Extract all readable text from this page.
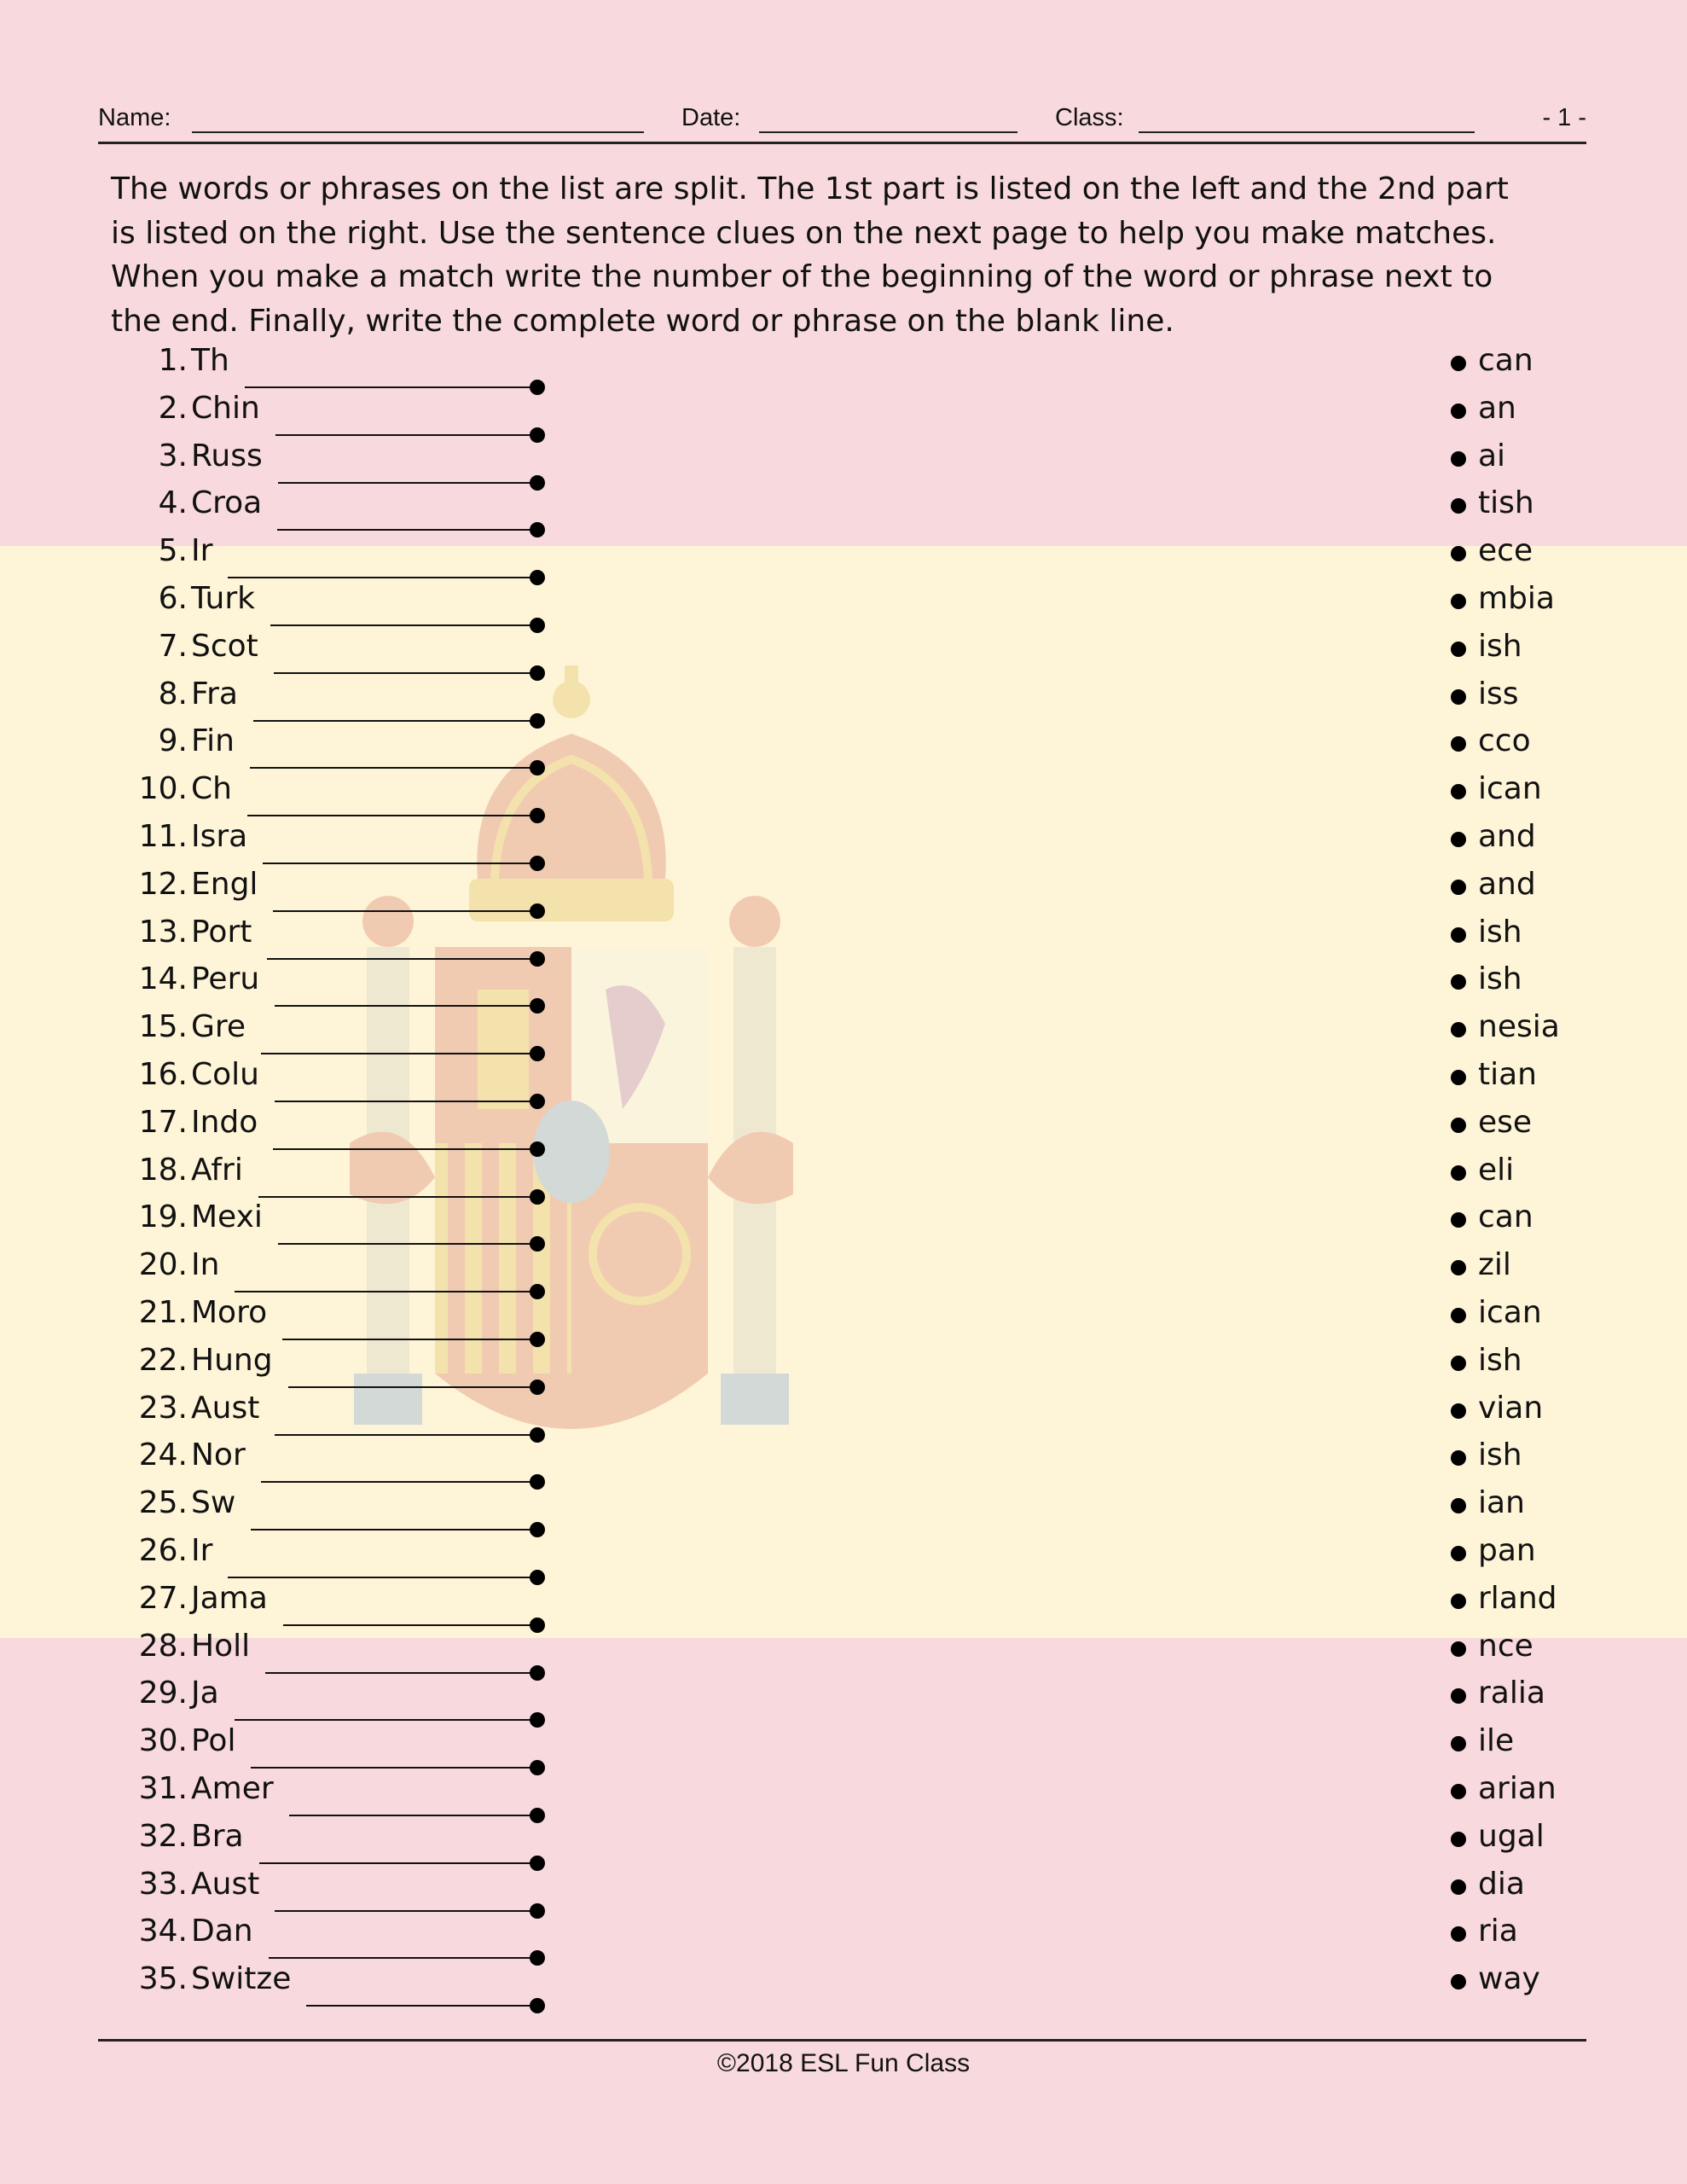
Name:	Date:	Class:	- 1 -
The words or phrases on the list are split. The 1st part is listed on the left and the 2nd part is listed on the right. Use the sentence clues on the next page to help you make matches. When you make a match write the number of the beginning of the word or phrase next to the end. Finally, write the complete word or phrase on the blank line.
1. Th	can
2. Chin	an
3. Russ	ai
4. Croa	tish
5. Ir	ece
6. Turk	mbia
7. Scot	ish
8. Fra	iss
9. Fin	cco
10. Ch	ican
11. Isra	and
12. Engl	and
13. Port	ish
14. Peru	ish
15. Gre	nesia
16. Colu	tian
17. Indo	ese
18. Afri	eli
19. Mexi	can
20. In	zil
21. Moro	ican
22. Hung	ish
23. Aust	vian
24. Nor	ish
25. Sw	ian
26. Ir	pan
27. Jama	rland
28. Holl	nce
29. Ja	ralia
30. Pol	ile
31. Amer	arian
32. Bra	ugal
33. Aust	dia
34. Dan	ria
35. Switze	way
©2018 ESL Fun Class
